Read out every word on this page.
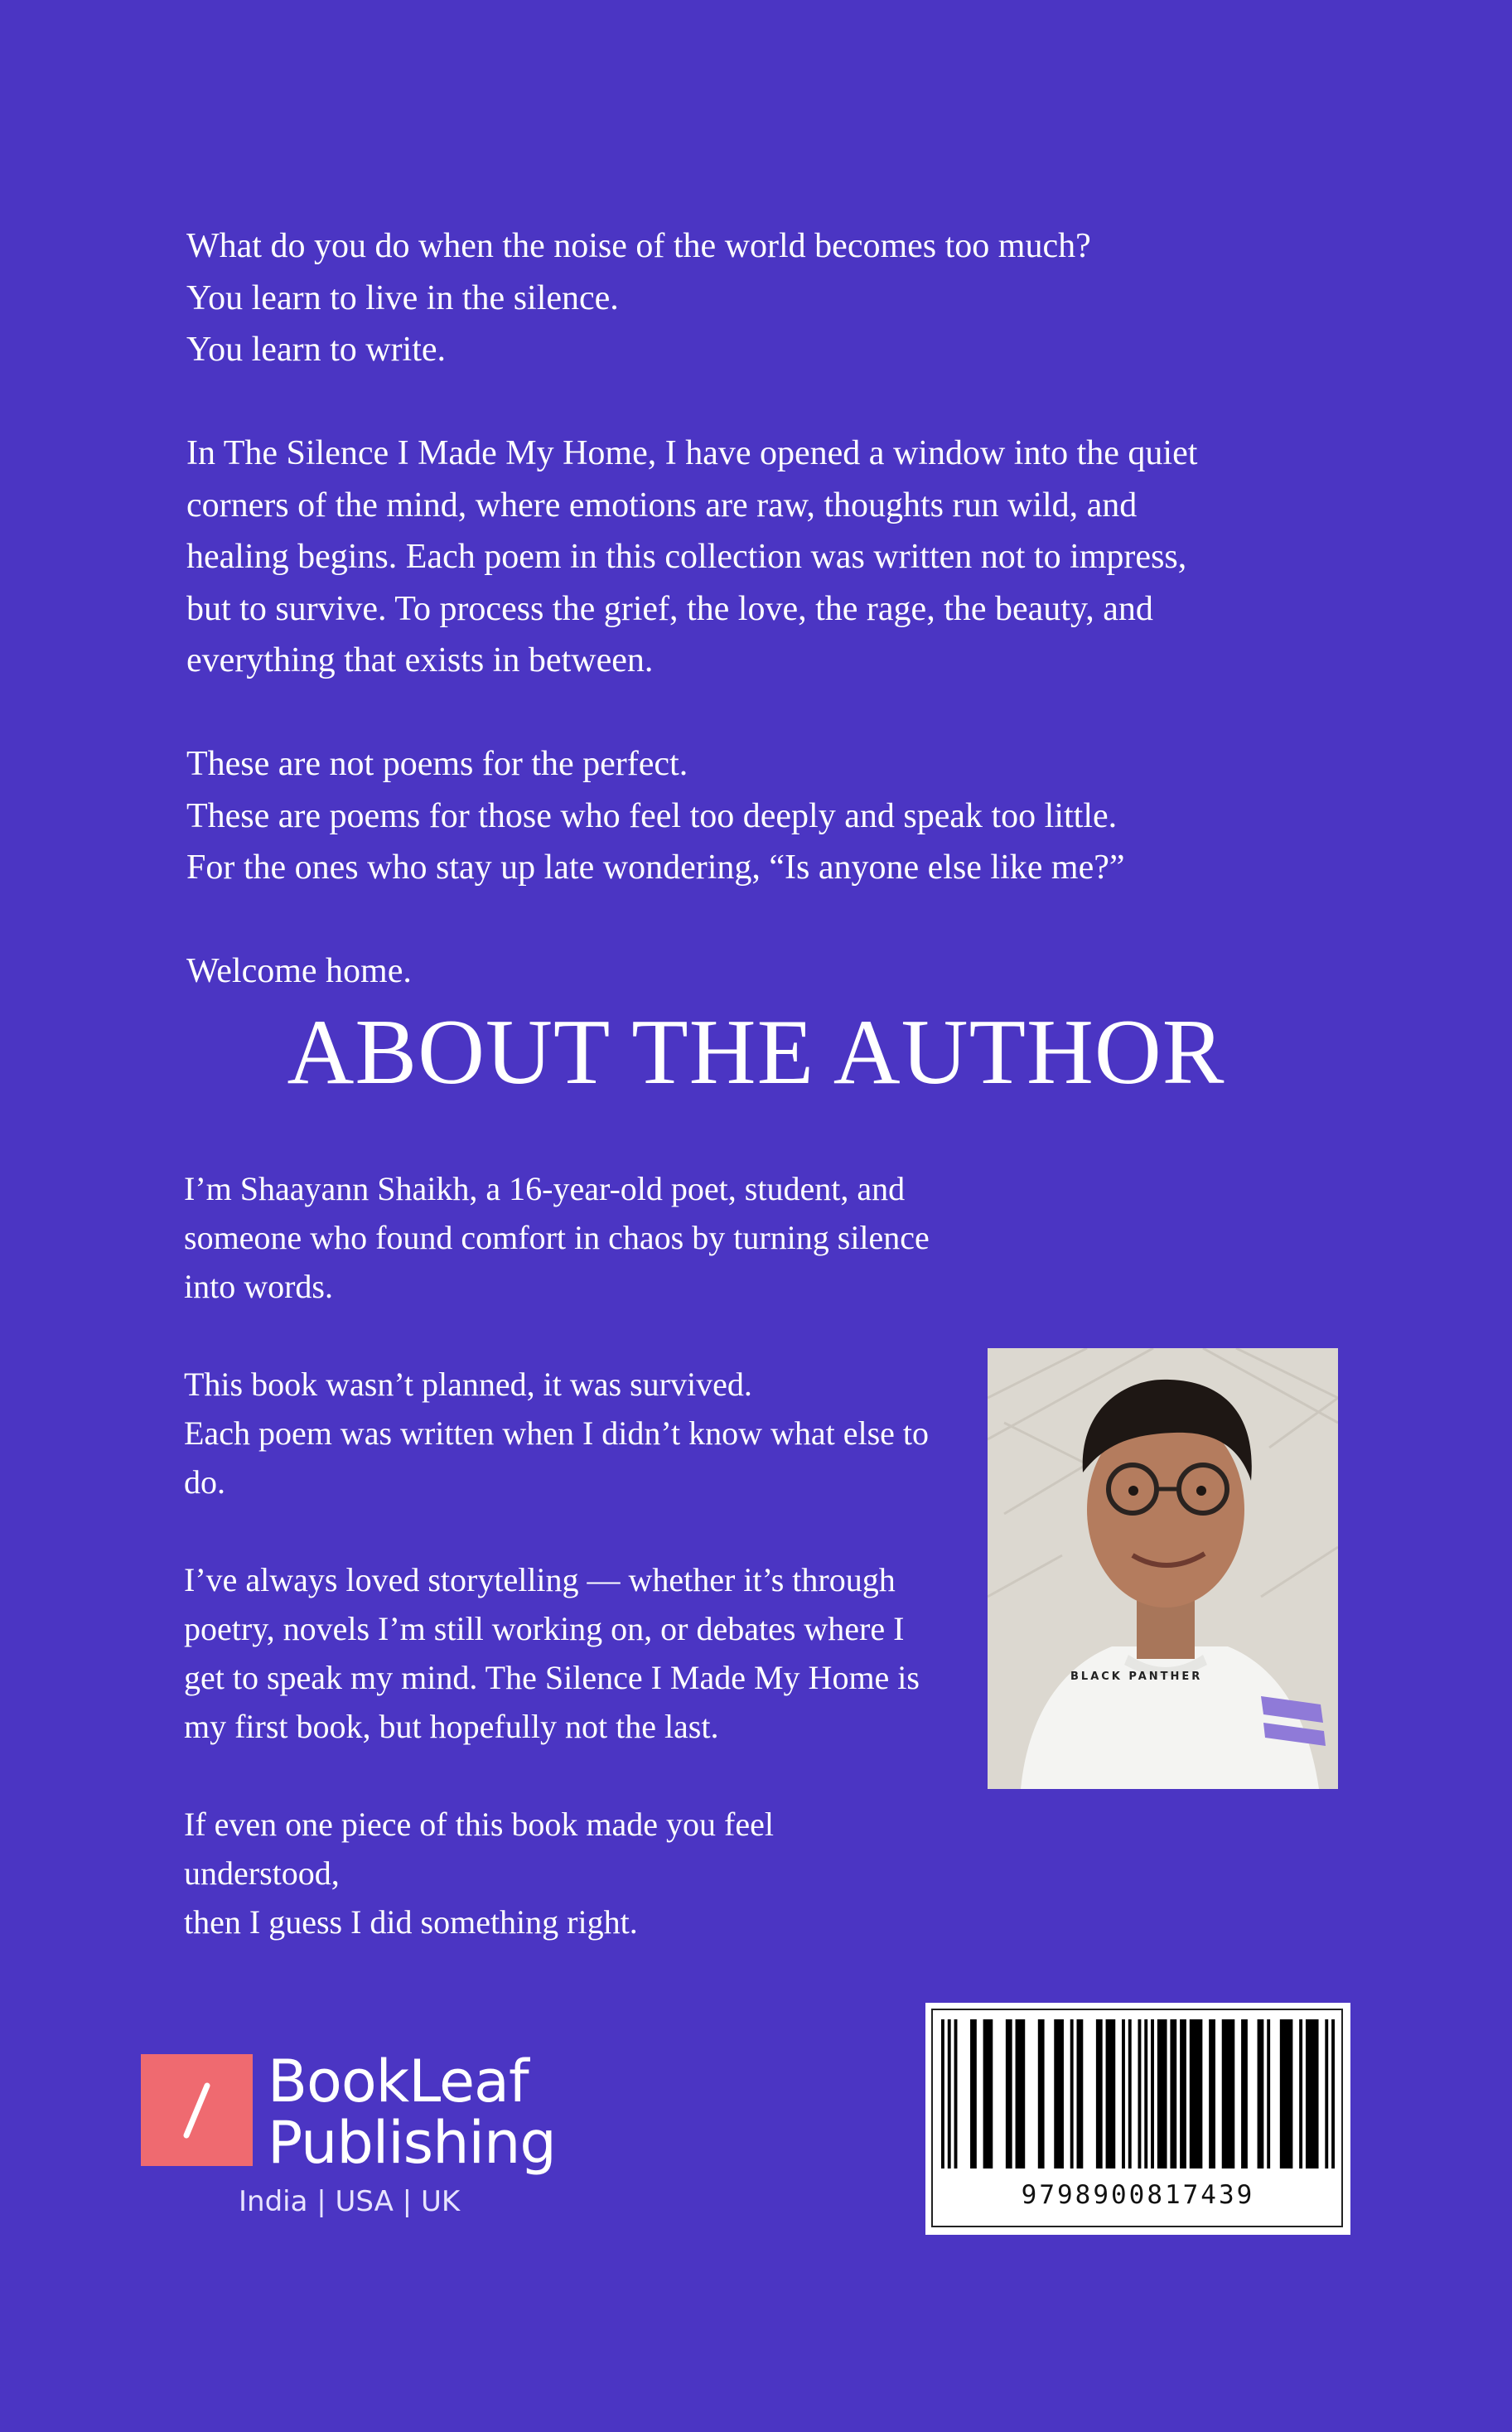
What do you do when the noise of the world becomes too much?
You learn to live in the silence.
You learn to write.

In The Silence I Made My Home, I have opened a window into the quiet
corners of the mind, where emotions are raw, thoughts run wild, and
healing begins. Each poem in this collection was written not to impress,
but to survive. To process the grief, the love, the rage, the beauty, and
everything that exists in between.

These are not poems for the perfect.
These are poems for those who feel too deeply and speak too little.
For the ones who stay up late wondering, “Is anyone else like me?”

Welcome home.

ABOUT THE AUTHOR

I’m Shaayann Shaikh, a 16-year-old poet, student, and
someone who found comfort in chaos by turning silence
into words.

This book wasn’t planned, it was survived.
Each poem was written when I didn’t know what else to
do.

I’ve always loved storytelling — whether it’s through
poetry, novels I’m still working on, or debates where I
get to speak my mind. The Silence I Made My Home is
my first book, but hopefully not the last.

If even one piece of this book made you feel
understood,
then I guess I did something right.

BLACK PANTHER
BookLeaf
Publishing
India | USA | UK	9798900817439
